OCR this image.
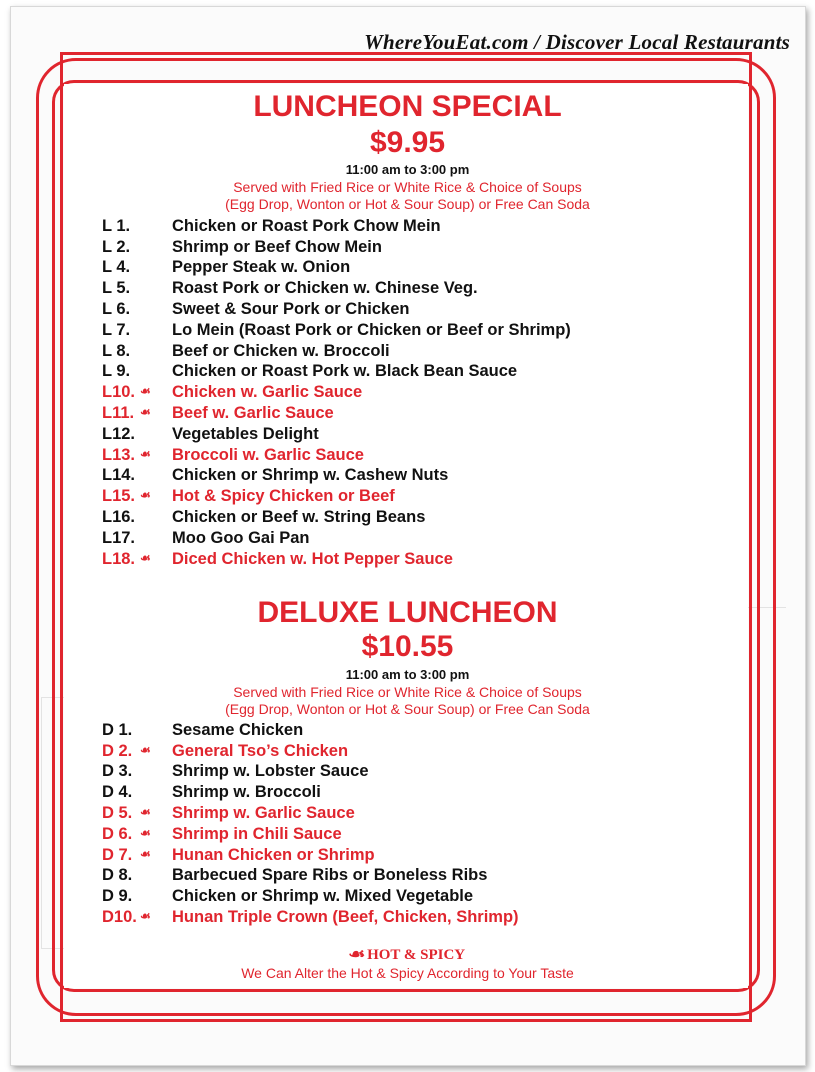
WhereYouEat.com / Discover Local Restaurants
LUNCHEON SPECIAL
$9.95
11:00 am to 3:00 pm
Served with Fried Rice or White Rice & Choice of Soups
(Egg Drop, Wonton or Hot & Sour Soup) or Free Can Soda
L 1.	Chicken or Roast Pork Chow Mein
L 2.	Shrimp or Beef Chow Mein
L 4.	Pepper Steak w. Onion
L 5.	Roast Pork or Chicken w. Chinese Veg.
L 6.	Sweet & Sour Pork or Chicken
L 7.	Lo Mein (Roast Pork or Chicken or Beef or Shrimp)
L 8.	Beef or Chicken w. Broccoli
L 9.	Chicken or Roast Pork w. Black Bean Sauce
L10. ☙ Chicken w. Garlic Sauce
L11. ☙ Beef w. Garlic Sauce
L12.	Vegetables Delight
L13. ☙ Broccoli w. Garlic Sauce
L14.	Chicken or Shrimp w. Cashew Nuts
L15. ☙ Hot & Spicy Chicken or Beef
L16.	Chicken or Beef w. String Beans
L17.	Moo Goo Gai Pan
L18. ☙ Diced Chicken w. Hot Pepper Sauce
DELUXE LUNCHEON
$10.55
11:00 am to 3:00 pm
Served with Fried Rice or White Rice & Choice of Soups
(Egg Drop, Wonton or Hot & Sour Soup) or Free Can Soda
D 1.	Sesame Chicken
D 2. ☙ General Tso’s Chicken
D 3.	Shrimp w. Lobster Sauce
D 4.	Shrimp w. Broccoli
D 5. ☙ Shrimp w. Garlic Sauce
D 6. ☙ Shrimp in Chili Sauce
D 7. ☙ Hunan Chicken or Shrimp
D 8.	Barbecued Spare Ribs or Boneless Ribs
D 9.	Chicken or Shrimp w. Mixed Vegetable
D10. ☙ Hunan Triple Crown (Beef, Chicken, Shrimp)
☙ HOT & SPICY
We Can Alter the Hot & Spicy According to Your Taste
